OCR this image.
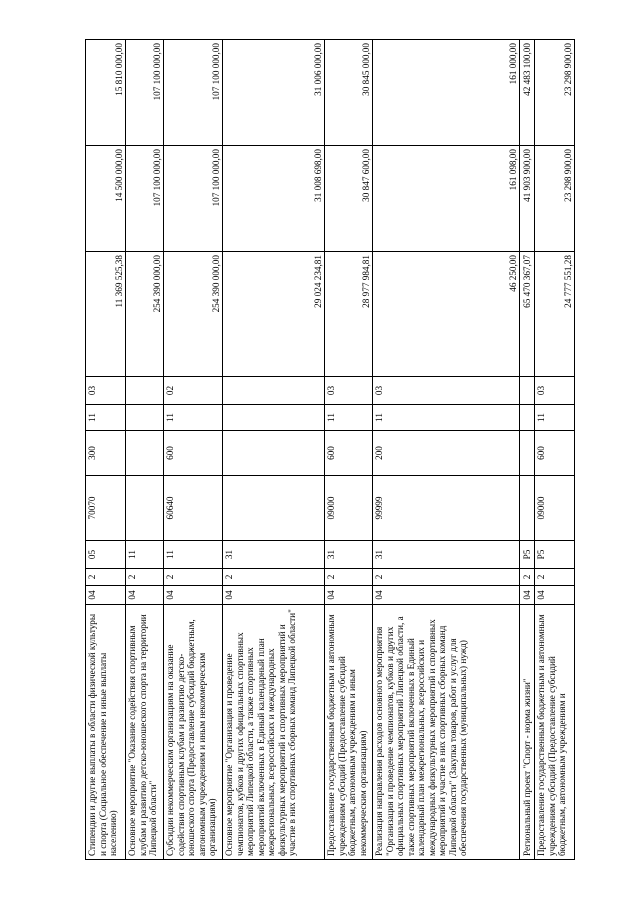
Стипендии и другие выплаты в области физической культуры и спорта (Социальное обеспечение и иные выплаты населению)	04	2	05	70070	300	11	03	11 369 525,38	14 500 000,00	15 810 000,00
Основное мероприятие "Оказание содействия спортивным клубам и развитию детско-юношеского спорта на территории Липецкой области"	04	2	11					254 390 000,00	107 100 000,00	107 100 000,00
Субсидии некоммерческим организациям на оказание содействия спортивным клубам и развитию детско-юношеского спорта (Предоставление субсидий бюджетным, автономным учреждениям и иным некоммерческим организациям)	04	2	11	60640	600	11	02	254 390 000,00	107 100 000,00	107 100 000,00
Основное мероприятие "Организация и проведение чемпионатов, кубков и других официальных спортивных мероприятий Липецкой области, а также спортивных мероприятий включенных в Единый календарный план межрегиональных, всероссийских и международных физкультурных мероприятий и спортивных мероприятий и участие в них спортивных сборных команд Липецкой области"	04	2	31					29 024 234,81	31 008 698,00	31 006 000,00
Предоставление государственным бюджетным и автономным учреждениям субсидий (Предоставление субсидий бюджетным, автономным учреждениям и иным некоммерческим организациям)	04	2	31	09000	600	11	03	28 977 984,81	30 847 600,00	30 845 000,00
Реализация направления расходов основного мероприятия "Организация и проведение чемпионатов, кубков и других официальных спортивных мероприятий Липецкой области, а также спортивных мероприятий включенных в Единый календарный план межрегиональных, всероссийских и международных физкультурных мероприятий и спортивных мероприятий и участие в них спортивных сборных команд Липецкой области" (Закупка товаров, работ и услуг для обеспечения государственных (муниципальных) нужд)	04	2	31	99999	200	11	03	46 250,00	161 098,00	161 000,00
Региональный проект "Спорт - норма жизни"	04	2	P5					65 470 367,07	41 903 900,00	42 483 100,00
Предоставление государственным бюджетным и автономным учреждениям субсидий (Предоставление субсидий бюджетным, автономным учреждениям и	04	2	P5	09000	600	11	03	24 777 551,28	23 298 900,00	23 298 900,00
